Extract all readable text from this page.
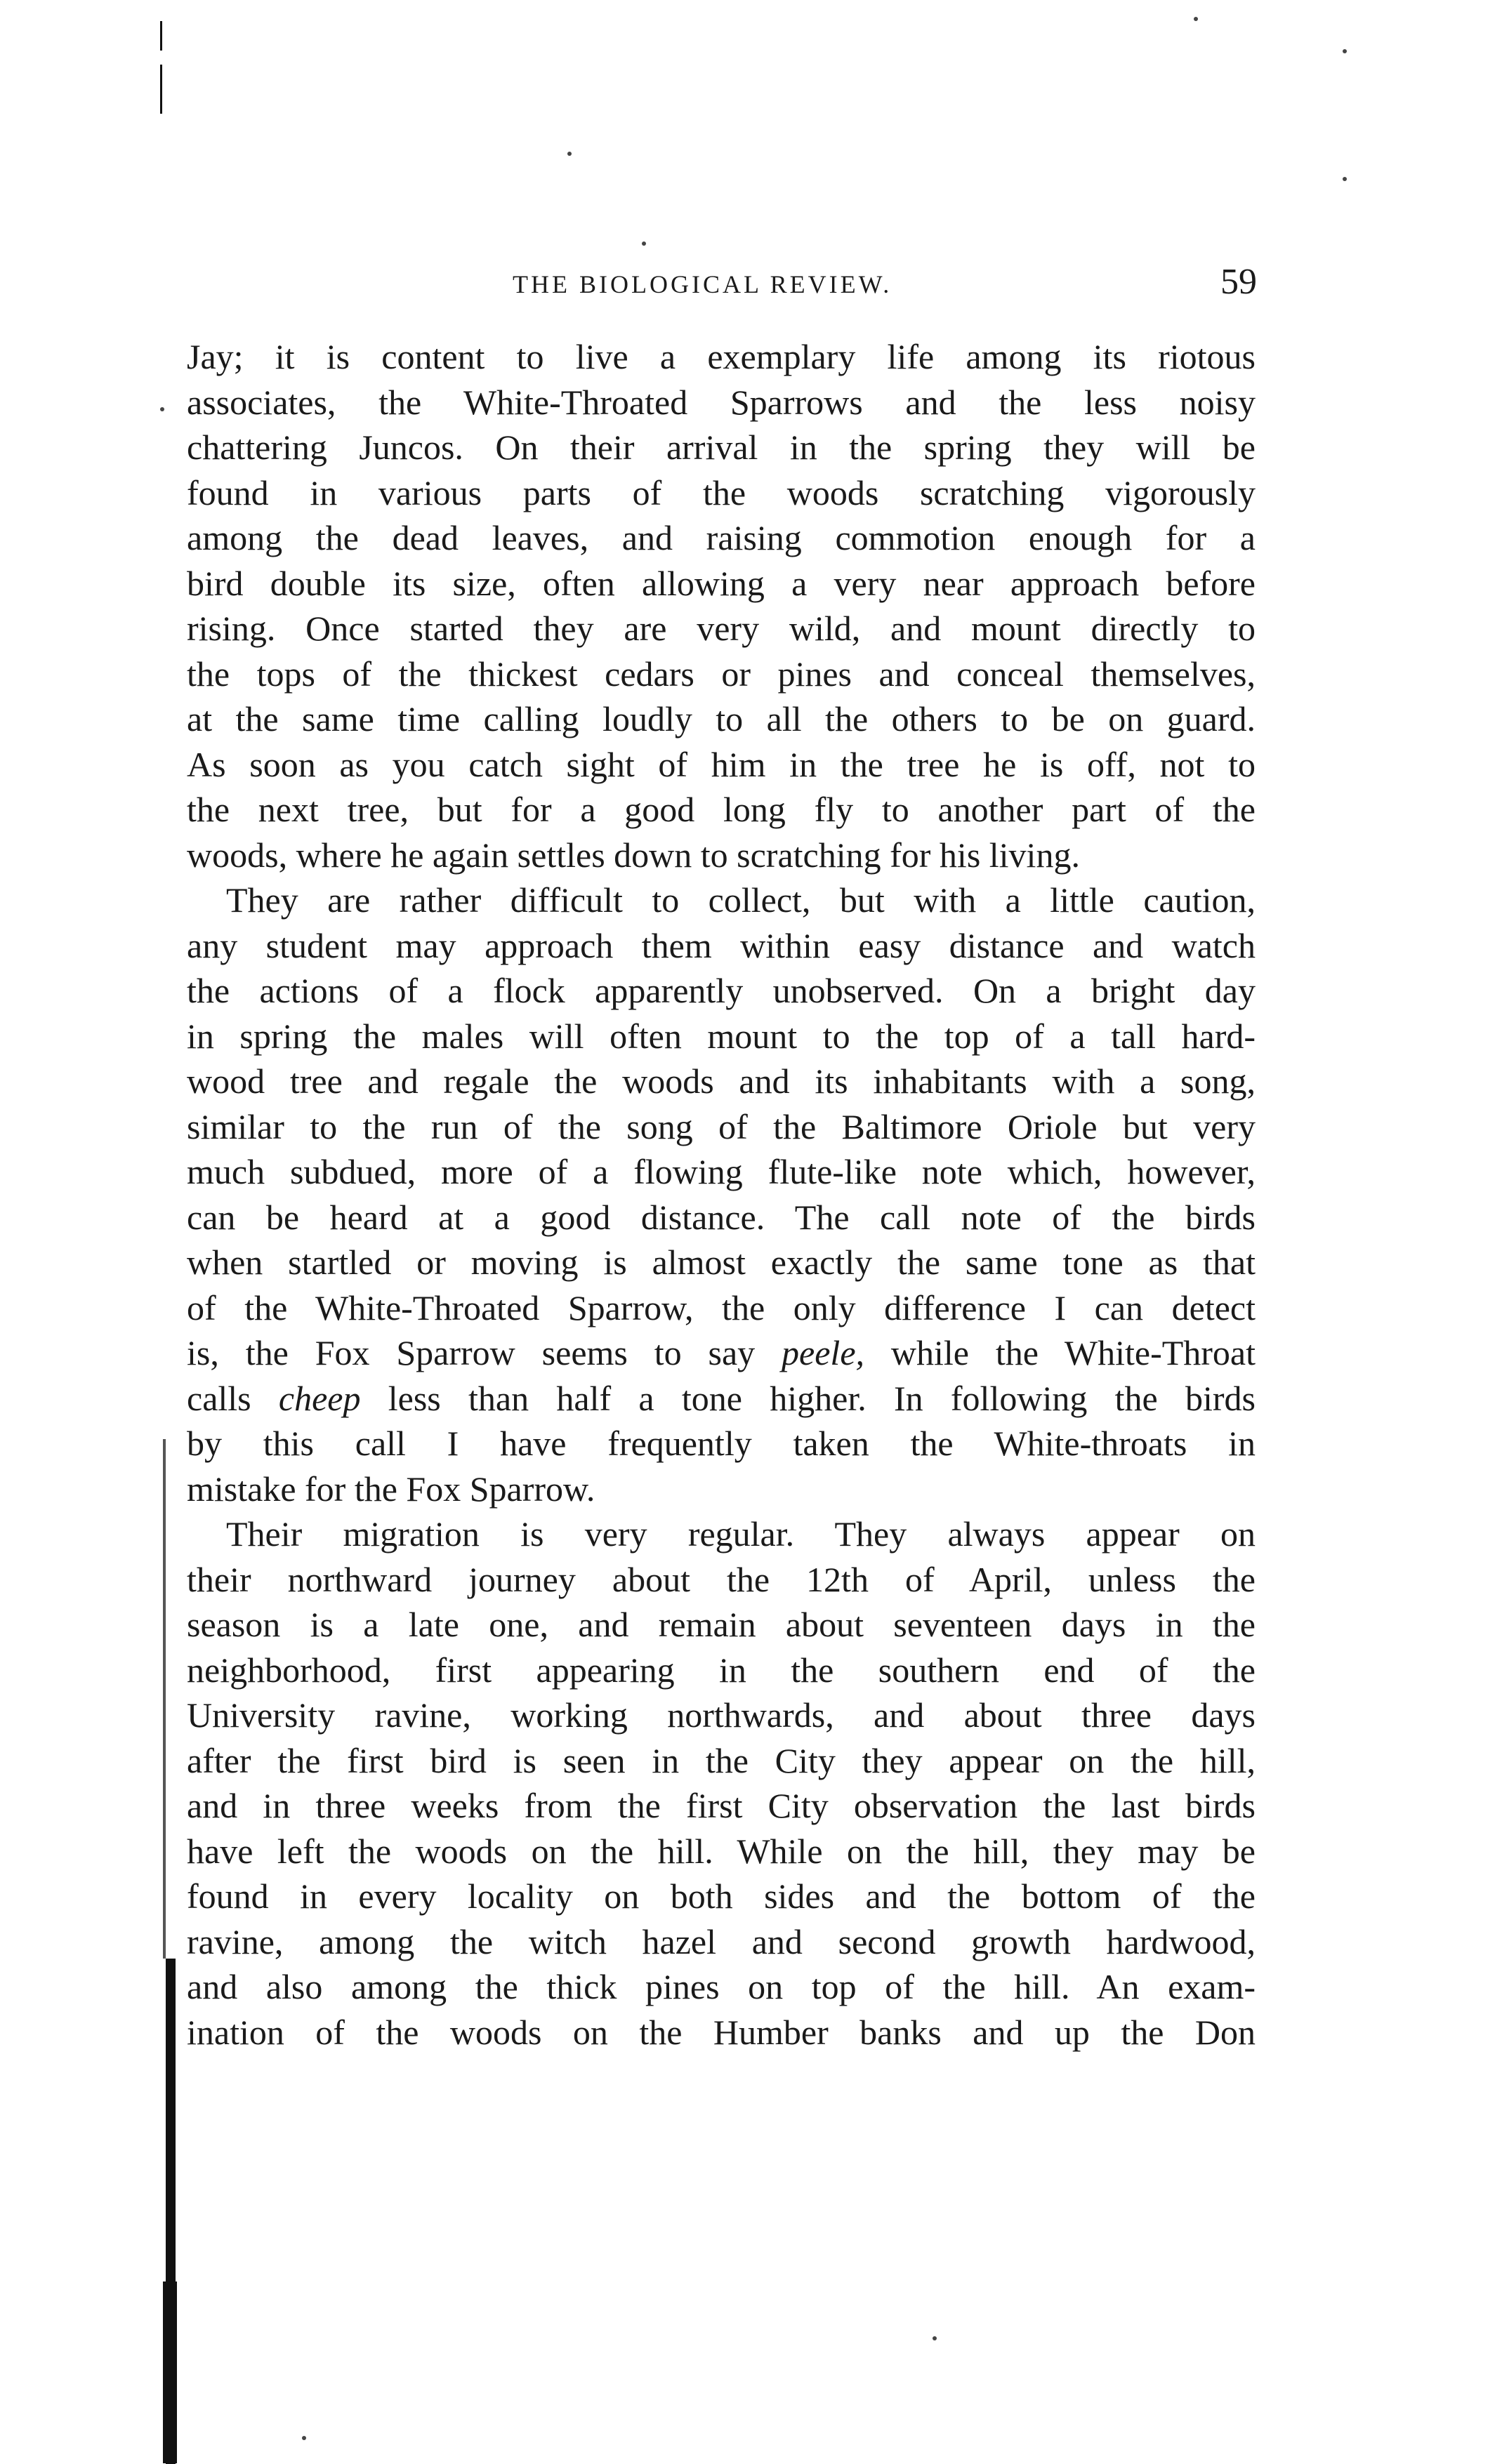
THE BIOLOGICAL REVIEW.	59
Jay; it is content to live a exemplary life among its riotous
associates, the White-Throated Sparrows and the less noisy
chattering Juncos. On their arrival in the spring they will be
found in various parts of the woods scratching vigorously
among the dead leaves, and raising commotion enough for a
bird double its size, often allowing a very near approach before
rising. Once started they are very wild, and mount directly to
the tops of the thickest cedars or pines and conceal themselves,
at the same time calling loudly to all the others to be on guard.
As soon as you catch sight of him in the tree he is off, not to
the next tree, but for a good long fly to another part of the
woods, where he again settles down to scratching for his living.
They are rather difficult to collect, but with a little caution,
any student may approach them within easy distance and watch
the actions of a flock apparently unobserved. On a bright day
in spring the males will often mount to the top of a tall hard-
wood tree and regale the woods and its inhabitants with a song,
similar to the run of the song of the Baltimore Oriole but very
much subdued, more of a flowing flute-like note which, however,
can be heard at a good distance. The call note of the birds
when startled or moving is almost exactly the same tone as that
of the White-Throated Sparrow, the only difference I can detect
is, the Fox Sparrow seems to say peele, while the White-Throat
calls cheep less than half a tone higher. In following the birds
by this call I have frequently taken the White-throats in
mistake for the Fox Sparrow.
Their migration is very regular. They always appear on
their northward journey about the 12th of April, unless the
season is a late one, and remain about seventeen days in the
neighborhood, first appearing in the southern end of the
University ravine, working northwards, and about three days
after the first bird is seen in the City they appear on the hill,
and in three weeks from the first City observation the last birds
have left the woods on the hill. While on the hill, they may be
found in every locality on both sides and the bottom of the
ravine, among the witch hazel and second growth hardwood,
and also among the thick pines on top of the hill. An exam-
ination of the woods on the Humber banks and up the Don
